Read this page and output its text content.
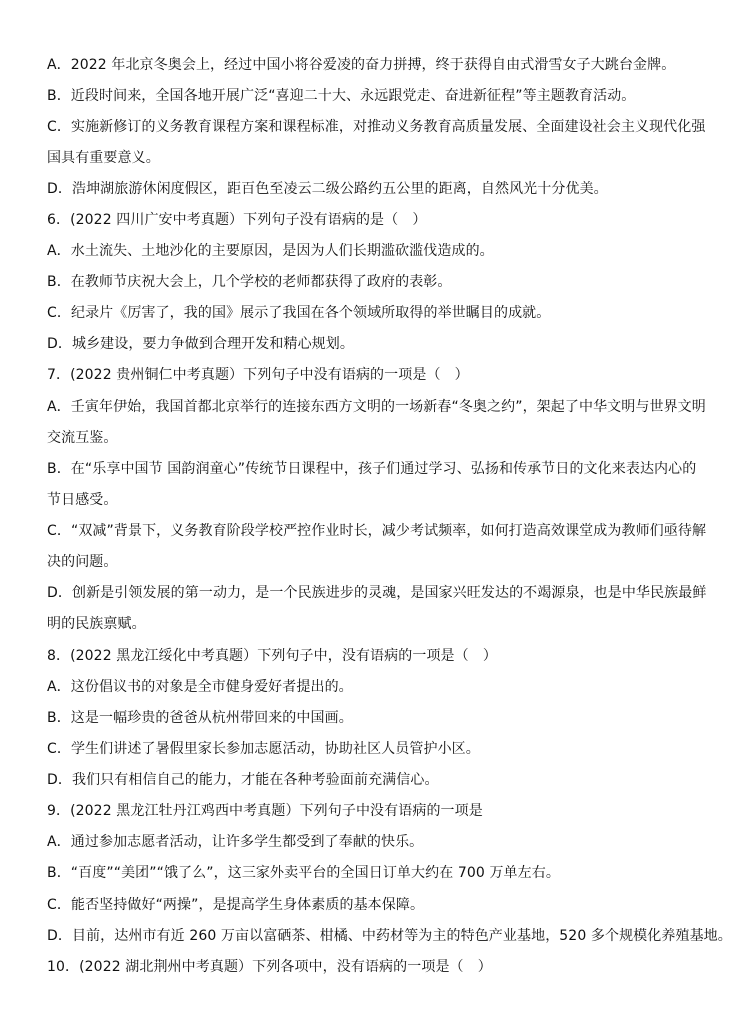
A．2022 年北京冬奥会上，经过中国小将谷爱凌的奋力拼搏，终于获得自由式滑雪女子大跳台金牌。
B．近段时间来，全国各地开展广泛“喜迎二十大、永远跟党走、奋进新征程”等主题教育活动。
C．实施新修订的义务教育课程方案和课程标准，对推动义务教育高质量发展、全面建设社会主义现代化强
国具有重要意义。
D．浩坤湖旅游休闲度假区，距百色至凌云二级公路约五公里的距离，自然风光十分优美。
6．(2022 四川广安中考真题）下列句子没有语病的是（　）
A．水土流失、土地沙化的主要原因，是因为人们长期滥砍滥伐造成的。
B．在教师节庆祝大会上，几个学校的老师都获得了政府的表彰。
C．纪录片《厉害了，我的国》展示了我国在各个领域所取得的举世瞩目的成就。
D．城乡建设，要力争做到合理开发和精心规划。
7．(2022 贵州铜仁中考真题）下列句子中没有语病的一项是（　）
A．壬寅年伊始，我国首都北京举行的连接东西方文明的一场新春“冬奥之约”，架起了中华文明与世界文明
交流互鉴。
B．在“乐享中国节 国韵润童心”传统节日课程中，孩子们通过学习、弘扬和传承节日的文化来表达内心的
节日感受。
C．“双减”背景下，义务教育阶段学校严控作业时长，减少考试频率，如何打造高效课堂成为教师们亟待解
决的问题。
D．创新是引领发展的第一动力，是一个民族进步的灵魂，是国家兴旺发达的不竭源泉，也是中华民族最鲜
明的民族禀赋。
8．(2022 黑龙江绥化中考真题）下列句子中，没有语病的一项是（　）
A．这份倡议书的对象是全市健身爱好者提出的。
B．这是一幅珍贵的爸爸从杭州带回来的中国画。
C．学生们讲述了暑假里家长参加志愿活动，协助社区人员管护小区。
D．我们只有相信自己的能力，才能在各种考验面前充满信心。
9．(2022 黑龙江牡丹江鸡西中考真题）下列句子中没有语病的一项是
A．通过参加志愿者活动，让许多学生都受到了奉献的快乐。
B．“百度”“美团”“饿了么”，这三家外卖平台的全国日订单大约在 700 万单左右。
C．能否坚持做好“两操”，是提高学生身体素质的基本保障。
D．目前，达州市有近 260 万亩以富硒茶、柑橘、中药材等为主的特色产业基地，520 多个规模化养殖基地。
10．(2022 湖北荆州中考真题）下列各项中，没有语病的一项是（　）
